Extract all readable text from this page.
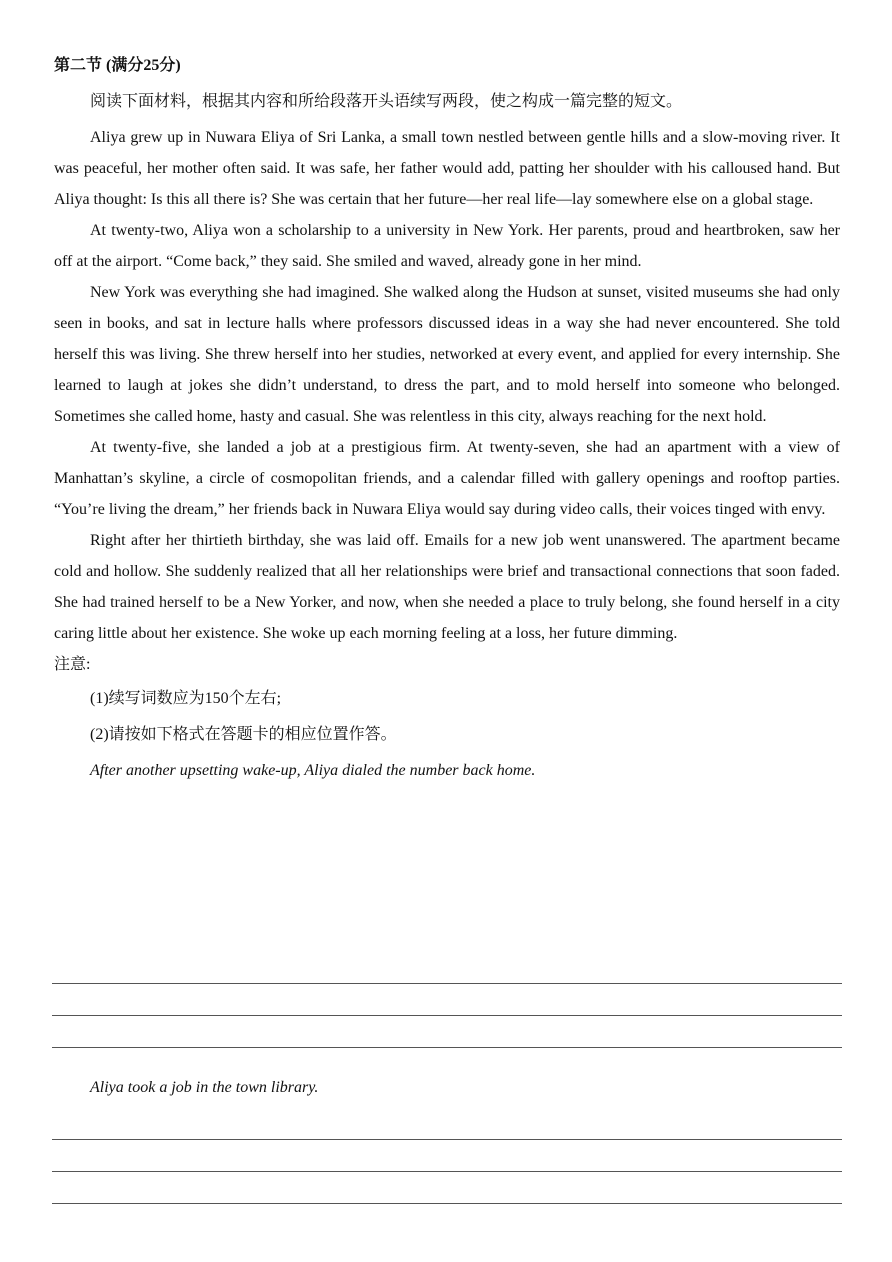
第二节 (满分25分)
阅读下面材料，根据其内容和所给段落开头语续写两段，使之构成一篇完整的短文。

Aliya grew up in Nuwara Eliya of Sri Lanka, a small town nestled between gentle hills and a slow-moving river. It was peaceful, her mother often said. It was safe, her father would add, patting her shoulder with his calloused hand. But Aliya thought: Is this all there is? She was certain that her future—her real life—lay somewhere else on a global stage.

At twenty-two, Aliya won a scholarship to a university in New York. Her parents, proud and heartbroken, saw her off at the airport. “Come back,” they said. She smiled and waved, already gone in her mind.

New York was everything she had imagined. She walked along the Hudson at sunset, visited museums she had only seen in books, and sat in lecture halls where professors discussed ideas in a way she had never encountered. She told herself this was living. She threw herself into her studies, networked at every event, and applied for every internship. She learned to laugh at jokes she didn’t understand, to dress the part, and to mold herself into someone who belonged. Sometimes she called home, hasty and casual. She was relentless in this city, always reaching for the next hold.

At twenty-five, she landed a job at a prestigious firm. At twenty-seven, she had an apartment with a view of Manhattan’s skyline, a circle of cosmopolitan friends, and a calendar filled with gallery openings and rooftop parties. “You’re living the dream,” her friends back in Nuwara Eliya would say during video calls, their voices tinged with envy.

Right after her thirtieth birthday, she was laid off. Emails for a new job went unanswered. The apartment became cold and hollow. She suddenly realized that all her relationships were brief and transactional connections that soon faded. She had trained herself to be a New Yorker, and now, when she needed a place to truly belong, she found herself in a city caring little about her existence. She woke up each morning feeling at a loss, her future dimming.

注意:
(1)续写词数应为150个左右;
(2)请按如下格式在答题卡的相应位置作答。
After another upsetting wake-up, Aliya dialed the number back home.
Aliya took a job in the town library.
